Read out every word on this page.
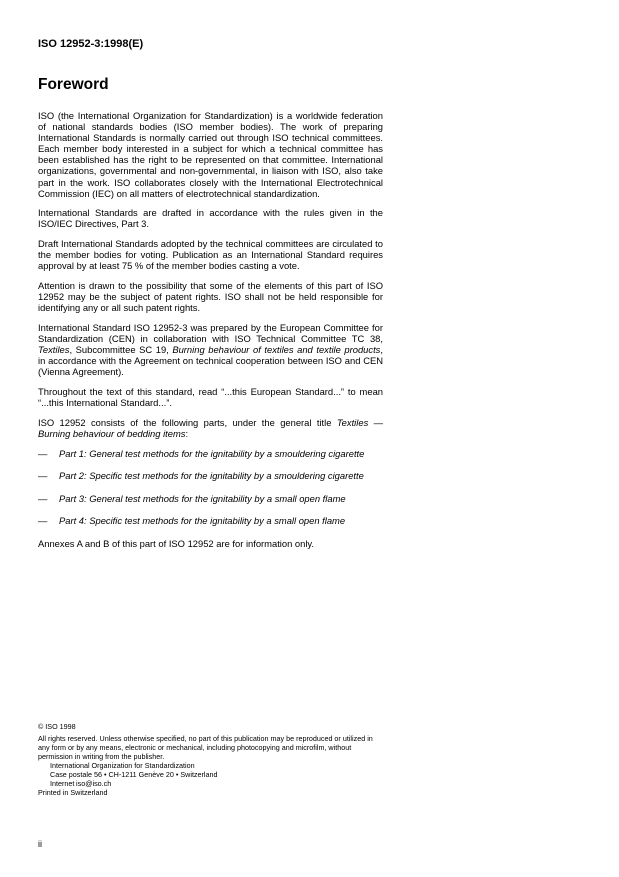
ISO 12952-3:1998(E)
Foreword

ISO (the International Organization for Standardization) is a worldwide federation of national standards bodies (ISO member bodies). The work of preparing International Standards is normally carried out through ISO technical committees. Each member body interested in a subject for which a technical committee has been established has the right to be represented on that committee. International organizations, governmental and non-governmental, in liaison with ISO, also take part in the work. ISO collaborates closely with the International Electrotechnical Commission (IEC) on all matters of electrotechnical standardization.

International Standards are drafted in accordance with the rules given in the ISO/IEC Directives, Part 3.

Draft International Standards adopted by the technical committees are circulated to the member bodies for voting. Publication as an International Standard requires approval by at least 75 % of the member bodies casting a vote.

Attention is drawn to the possibility that some of the elements of this part of ISO 12952 may be the subject of patent rights. ISO shall not be held responsible for identifying any or all such patent rights.

International Standard ISO 12952-3 was prepared by the European Committee for Standardization (CEN) in collaboration with ISO Technical Committee TC 38, Textiles, Subcommittee SC 19, Burning behaviour of textiles and textile products, in accordance with the Agreement on technical cooperation between ISO and CEN (Vienna Agreement).

Throughout the text of this standard, read “...this European Standard...” to mean “...this International Standard...”.

ISO 12952 consists of the following parts, under the general title Textiles — Burning behaviour of bedding items:

— Part 1: General test methods for the ignitability by a smouldering cigarette
— Part 2: Specific test methods for the ignitability by a smouldering cigarette
— Part 3: General test methods for the ignitability by a small open flame
— Part 4: Specific test methods for the ignitability by a small open flame

Annexes A and B of this part of ISO 12952 are for information only.

© ISO 1998

All rights reserved. Unless otherwise specified, no part of this publication may be reproduced or utilized in any form or by any means, electronic or mechanical, including photocopying and microfilm, without permission in writing from the publisher.

International Organization for Standardization

Case postale 56 • CH-1211 Genève 20 • Switzerland

Internet iso@iso.ch

Printed in Switzerland

ii
